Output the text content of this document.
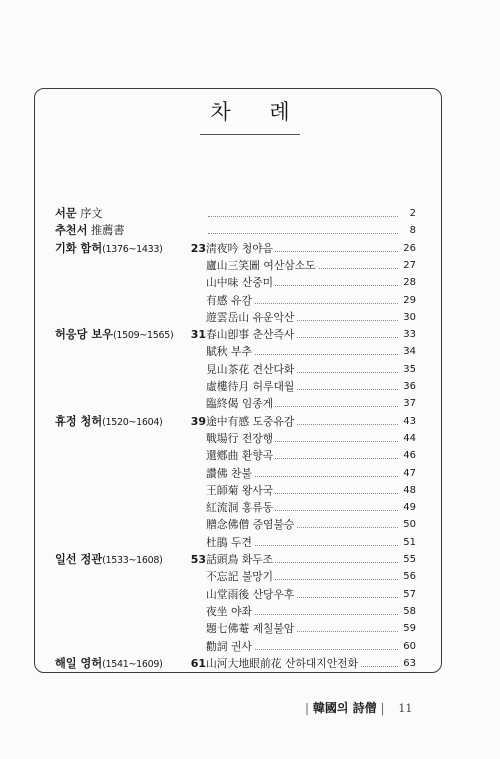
차 례
서문 序文	2
추천서 推薦書	8
기화 함허(1376~1433)	23 淸夜吟 청야음	26
廬山三笑圖 여산삼소도	27
山中味 산중미	28
有感 유감	29
遊雲岳山 유운악산	30
허응당 보우(1509~1565)	31 春山卽事 춘산즉사	33
賦秋 부추	34
見山茶花 견산다화	35
虛樓待月 허루대월	36
臨終偈 임종게	37
휴정 청허(1520~1604)	39 途中有感 도중유감	43
戰場行 전장행	44
還鄕曲 환향곡	46
讚佛 찬불	47
王師菊 왕사국	48
紅流洞 홍류동	49
贈念佛僧 증염불승	50
杜鵑 두견	51
일선 정관(1533~1608)	53 話頭鳥 화두조	55
不忘記 불망기	56
山堂雨後 산당우후	57
夜坐 야좌	58
題七佛菴 제칠불암	59
勸詞 권사	60
해일 영허(1541~1609)	61 山河大地眼前花 산하대지안전화	63
| 韓國의 詩僧 | 11
